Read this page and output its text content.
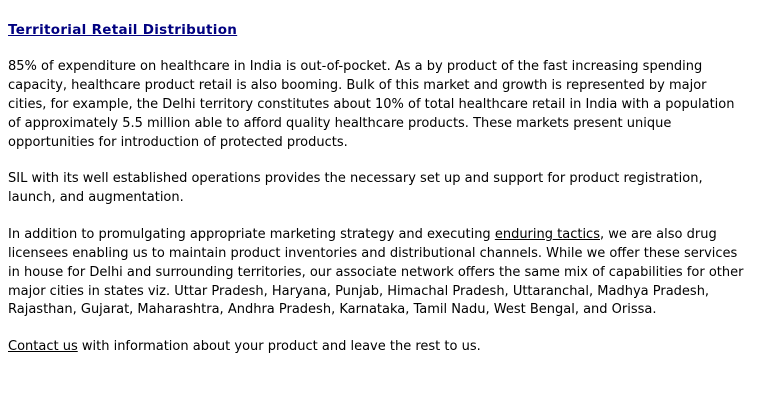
Territorial Retail Distribution

85% of expenditure on healthcare in India is out-of-pocket. As a by product of the fast increasing spending capacity, healthcare product retail is also booming. Bulk of this market and growth is represented by major cities, for example, the Delhi territory constitutes about 10% of total healthcare retail in India with a population of approximately 5.5 million able to afford quality healthcare products. These markets present unique opportunities for introduction of protected products.

SIL with its well established operations provides the necessary set up and support for product registration, launch, and augmentation.

In addition to promulgating appropriate marketing strategy and executing enduring tactics, we are also drug licensees enabling us to maintain product inventories and distributional channels. While we offer these services in house for Delhi and surrounding territories, our associate network offers the same mix of capabilities for other major cities in states viz. Uttar Pradesh, Haryana, Punjab, Himachal Pradesh, Uttaranchal, Madhya Pradesh, Rajasthan, Gujarat, Maharashtra, Andhra Pradesh, Karnataka, Tamil Nadu, West Bengal, and Orissa.

Contact us with information about your product and leave the rest to us.
